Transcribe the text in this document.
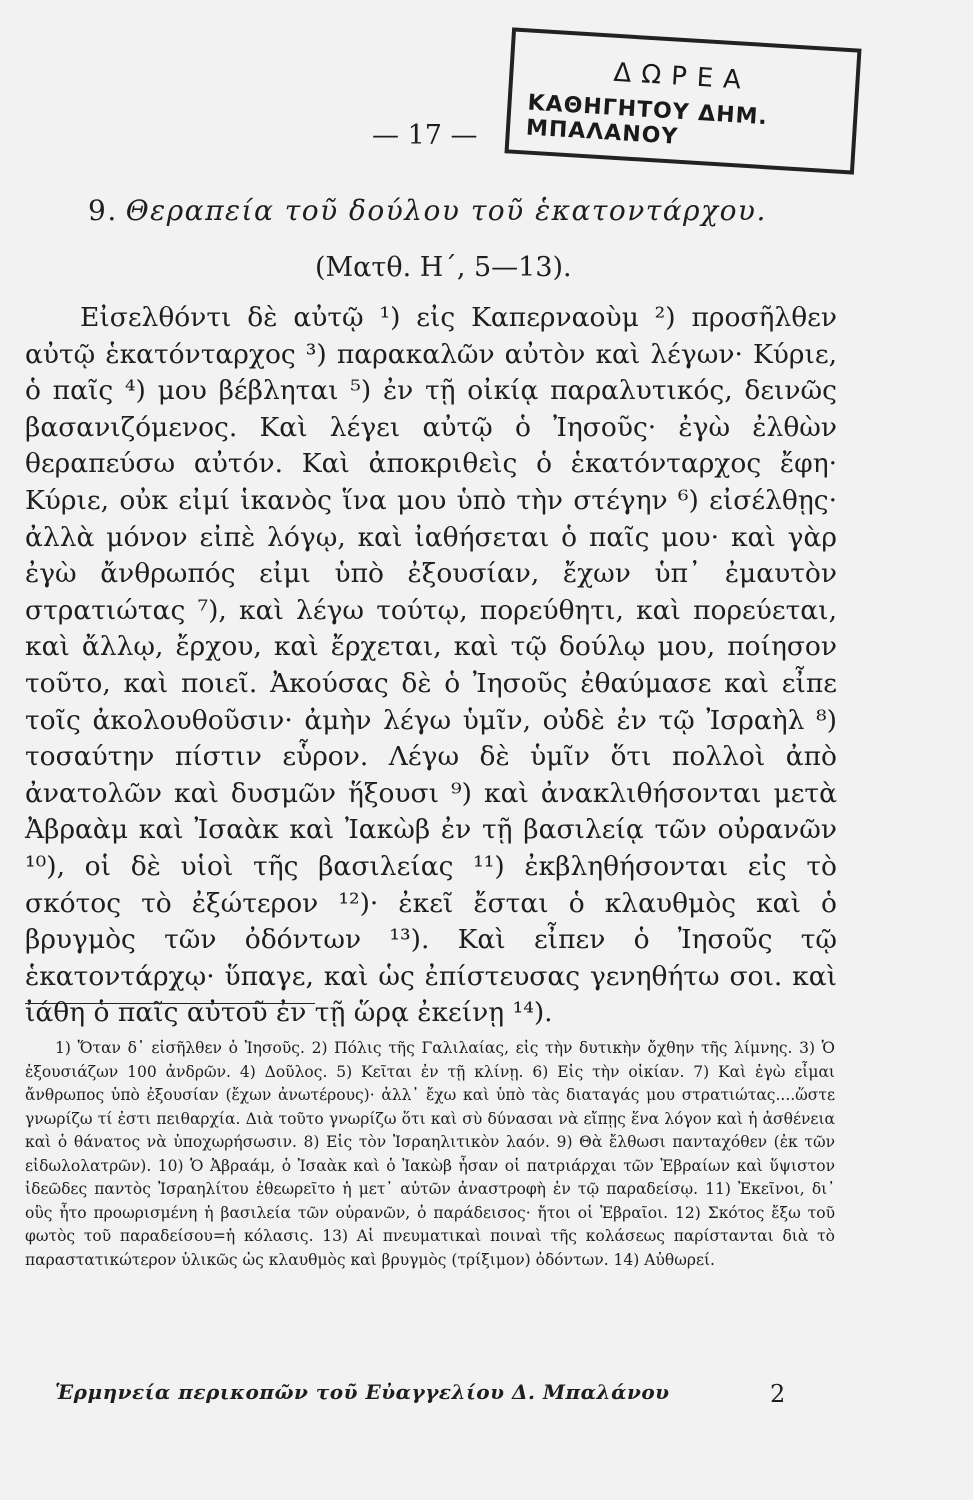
— 17 —
ΔΩΡΕΑ
ΚΑΘΗΓΗΤΟΥ ΔΗΜ. ΜΠΑΛΑΝΟΥ
9. Θεραπεία τοῦ δούλου τοῦ ἑκατοντάρχου.
(Ματθ. Η΄, 5—13).

Εἰσελθόντι δὲ αὐτῷ ¹) εἰς Καπερναοὺμ ²) προσῆλθεν αὐτῷ ἑκατόνταρχος ³) παρακαλῶν αὐτὸν καὶ λέγων· Κύριε, ὁ παῖς ⁴) μου βέβληται ⁵) ἐν τῇ οἰκίᾳ παραλυτικός, δεινῶς βασανιζόμενος. Καὶ λέγει αὐτῷ ὁ Ἰησοῦς· ἐγὼ ἐλθὼν θεραπεύσω αὐτόν. Καὶ ἀποκριθεὶς ὁ ἑκατόνταρχος ἔφη· Κύριε, οὐκ εἰμί ἱκανὸς ἵνα μου ὑπὸ τὴν στέγην ⁶) εἰσέλθῃς· ἀλλὰ μόνον εἰπὲ λόγῳ, καὶ ἰαθήσεται ὁ παῖς μου· καὶ γὰρ ἐγὼ ἄνθρωπός εἰμι ὑπὸ ἐξουσίαν, ἔχων ὑπ᾽ ἐμαυτὸν στρατιώτας ⁷), καὶ λέγω τούτῳ, πορεύθητι, καὶ πορεύεται, καὶ ἄλλῳ, ἔρχου, καὶ ἔρχεται, καὶ τῷ δούλῳ μου, ποίησον τοῦτο, καὶ ποιεῖ. Ἀκούσας δὲ ὁ Ἰησοῦς ἐθαύμασε καὶ εἶπε τοῖς ἀκολουθοῦσιν· ἀμὴν λέγω ὑμῖν, οὐδὲ ἐν τῷ Ἰσραὴλ ⁸) τοσαύτην πίστιν εὗρον. Λέγω δὲ ὑμῖν ὅτι πολλοὶ ἀπὸ ἀνατολῶν καὶ δυσμῶν ἥξουσι ⁹) καὶ ἀνακλιθήσονται μετὰ Ἀβραὰμ καὶ Ἰσαὰκ καὶ Ἰακὼβ ἐν τῇ βασιλείᾳ τῶν οὐρανῶν ¹⁰), οἱ δὲ υἱοὶ τῆς βασιλείας ¹¹) ἐκβληθήσονται εἰς τὸ σκότος τὸ ἐξώτερον ¹²)· ἐκεῖ ἔσται ὁ κλαυθμὸς καὶ ὁ βρυγμὸς τῶν ὀδόντων ¹³). Καὶ εἶπεν ὁ Ἰησοῦς τῷ ἑκατοντάρχῳ· ὕπαγε, καὶ ὡς ἐπίστευσας γενηθήτω σοι. καὶ ἰάθη ὁ παῖς αὐτοῦ ἐν τῇ ὥρᾳ ἐκείνῃ ¹⁴).

1) Ὅταν δ᾽ εἰσῆλθεν ὁ Ἰησοῦς. 2) Πόλις τῆς Γαλιλαίας, εἰς τὴν δυτικὴν ὄχθην τῆς λίμνης. 3) Ὁ ἐξουσιάζων 100 ἀνδρῶν. 4) Δοῦλος. 5) Κεῖται ἐν τῇ κλίνῃ. 6) Εἰς τὴν οἰκίαν. 7) Καὶ ἐγὼ εἶμαι ἄνθρωπος ὑπὸ ἐξουσίαν (ἔχων ἀνωτέρους)· ἀλλ᾽ ἔχω καὶ ὑπὸ τὰς διαταγάς μου στρατιώτας....ὥστε γνωρίζω τί ἐστι πειθαρχία. Διὰ τοῦτο γνωρίζω ὅτι καὶ σὺ δύνασαι νὰ εἴπῃς ἕνα λόγον καὶ ἡ ἀσθένεια καὶ ὁ θάνατος νὰ ὑποχωρήσωσιν. 8) Εἰς τὸν Ἰσραηλιτικὸν λαόν. 9) Θὰ ἔλθωσι πανταχόθεν (ἐκ τῶν εἰδωλολατρῶν). 10) Ὁ Ἀβραάμ, ὁ Ἰσαὰκ καὶ ὁ Ἰακὼβ ἦσαν οἱ πατριάρχαι τῶν Ἑβραίων καὶ ὕψιστον ἰδεῶδες παντὸς Ἰσραηλίτου ἐθεωρεῖτο ἡ μετ᾽ αὐτῶν ἀναστροφὴ ἐν τῷ παραδείσῳ. 11) Ἐκεῖνοι, δι᾽ οὓς ἦτο προωρισμένη ἡ βασιλεία τῶν οὐρανῶν, ὁ παράδεισος· ἤτοι οἱ Ἑβραῖοι. 12) Σκότος ἔξω τοῦ φωτὸς τοῦ παραδείσου=ἡ κόλασις. 13) Αἱ πνευματικαὶ ποιναὶ τῆς κολάσεως παρίστανται διὰ τὸ παραστατικώτερον ὑλικῶς ὡς κλαυθμὸς καὶ βρυγμὸς (τρίξιμον) ὀδόντων. 14) Αὐθωρεί.

Ἑρμηνεία περικοπῶν τοῦ Εὐαγγελίου Δ. Μπαλάνου	2
